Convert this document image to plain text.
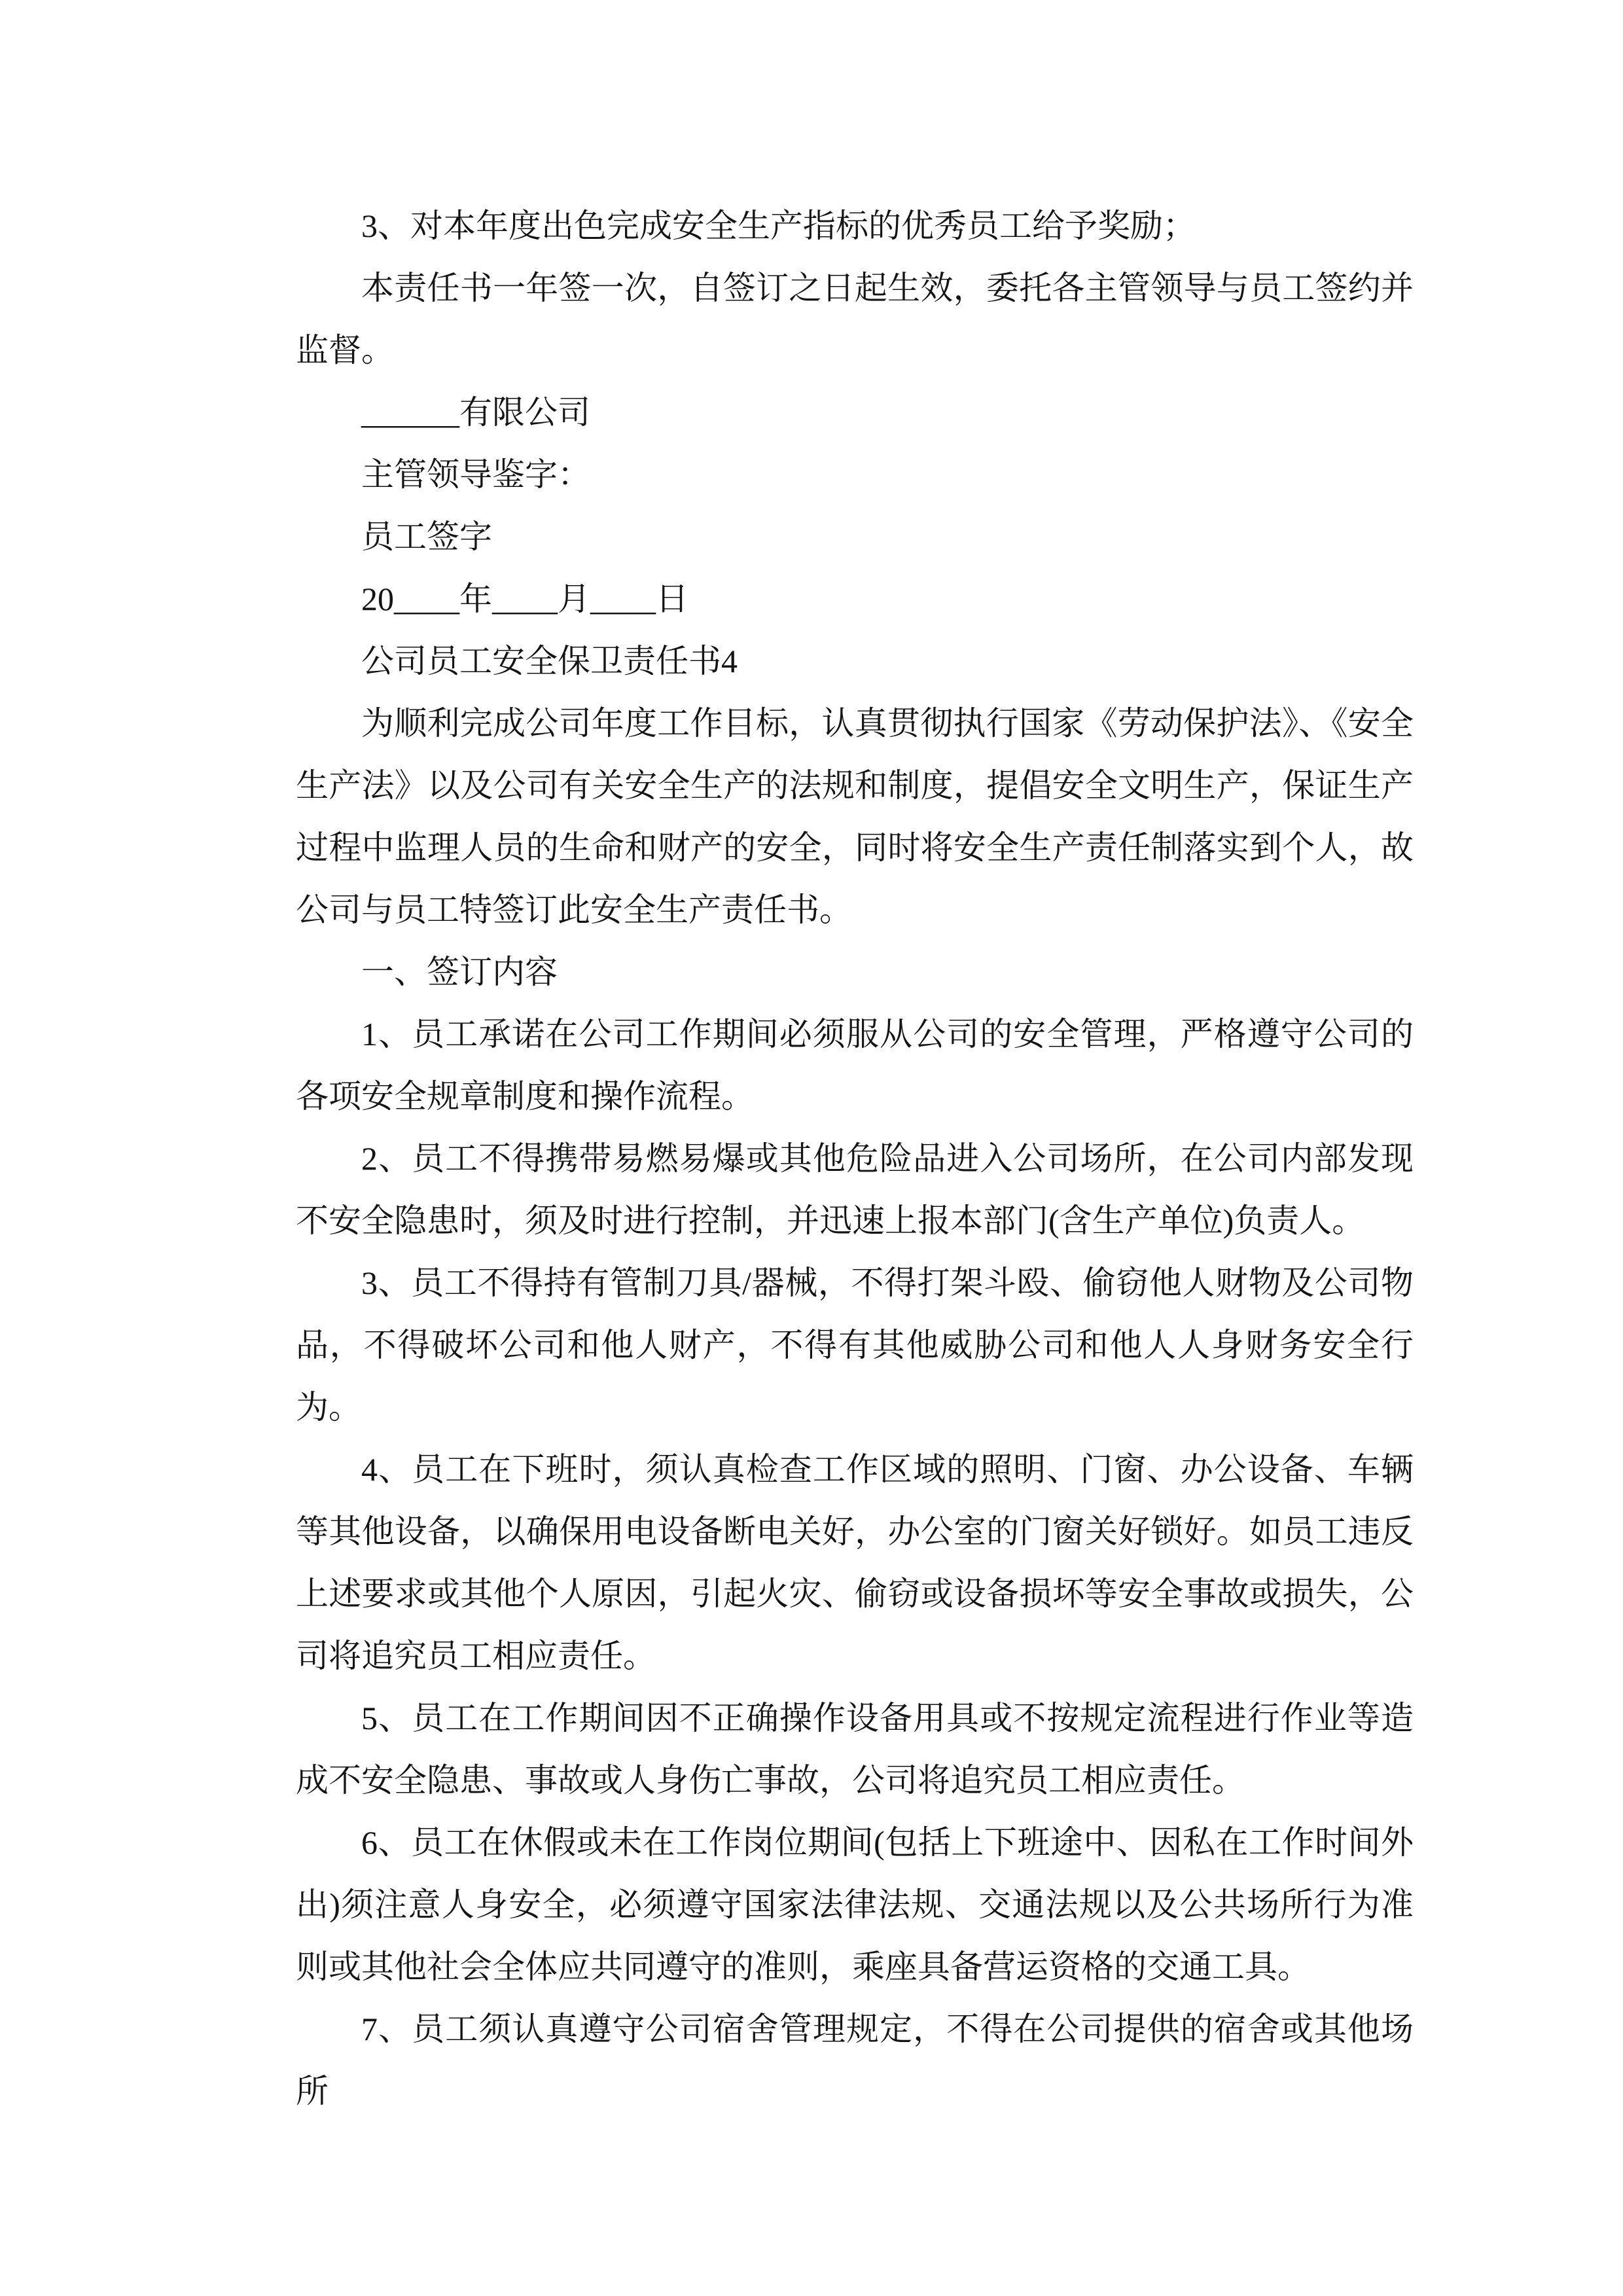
3、对本年度出色完成安全生产指标的优秀员工给予奖励；

本责任书一年签一次，自签订之日起生效，委托各主管领导与员工签约并监督。

______有限公司

主管领导鉴字：

员工签字

20____年____月____日

公司员工安全保卫责任书4

为顺利完成公司年度工作目标，认真贯彻执行国家《劳动保护法》、《安全生产法》以及公司有关安全生产的法规和制度，提倡安全文明生产，保证生产过程中监理人员的生命和财产的安全，同时将安全生产责任制落实到个人，故公司与员工特签订此安全生产责任书。

一、签订内容

1、员工承诺在公司工作期间必须服从公司的安全管理，严格遵守公司的各项安全规章制度和操作流程。

2、员工不得携带易燃易爆或其他危险品进入公司场所，在公司内部发现不安全隐患时，须及时进行控制，并迅速上报本部门(含生产单位)负责人。

3、员工不得持有管制刀具/器械，不得打架斗殴、偷窃他人财物及公司物品，不得破坏公司和他人财产，不得有其他威胁公司和他人人身财务安全行为。

4、员工在下班时，须认真检查工作区域的照明、门窗、办公设备、车辆等其他设备，以确保用电设备断电关好，办公室的门窗关好锁好。如员工违反上述要求或其他个人原因，引起火灾、偷窃或设备损坏等安全事故或损失，公司将追究员工相应责任。

5、员工在工作期间因不正确操作设备用具或不按规定流程进行作业等造成不安全隐患、事故或人身伤亡事故，公司将追究员工相应责任。

6、员工在休假或未在工作岗位期间(包括上下班途中、因私在工作时间外出)须注意人身安全，必须遵守国家法律法规、交通法规以及公共场所行为准则或其他社会全体应共同遵守的准则，乘座具备营运资格的交通工具。

7、员工须认真遵守公司宿舍管理规定，不得在公司提供的宿舍或其他场所
